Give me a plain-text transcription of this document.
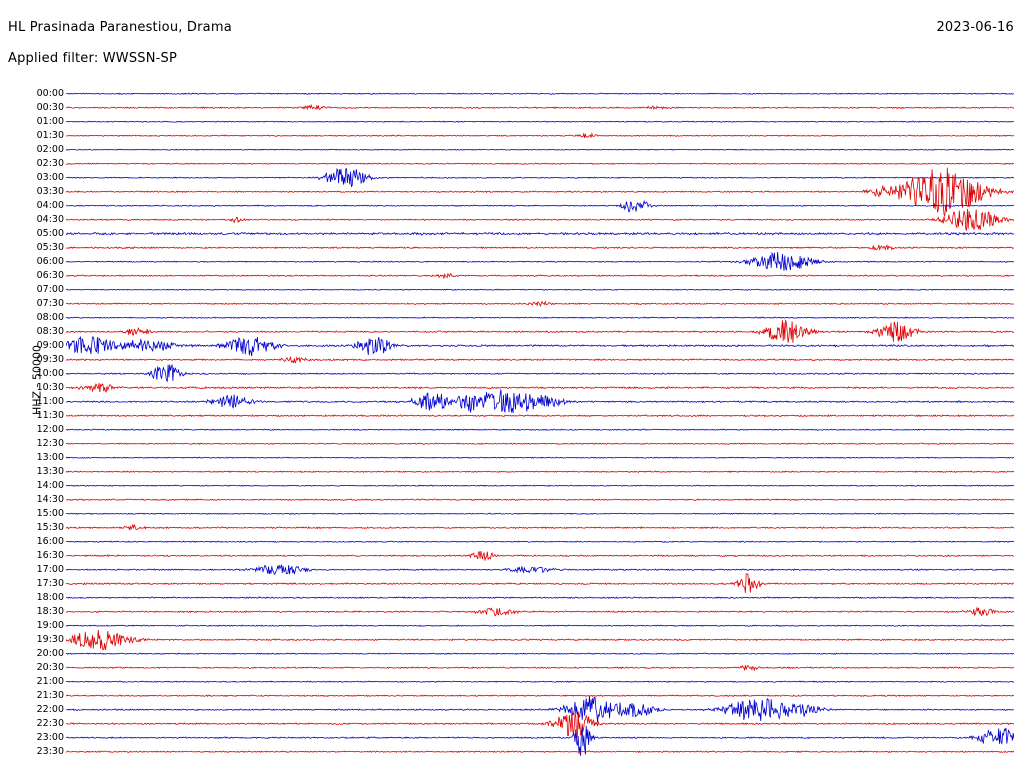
HL Prasinada Paranestiou, Drama
Applied filter: WWSSN-SP
2023-06-16
HHZ - 50000
00:00
00:30
01:00
01:30
02:00
02:30
03:00
03:30
04:00
04:30
05:00
05:30
06:00
06:30
07:00
07:30
08:00
08:30
09:00
09:30
10:00
10:30
11:00
11:30
12:00
12:30
13:00
13:30
14:00
14:30
15:00
15:30
16:00
16:30
17:00
17:30
18:00
18:30
19:00
19:30
20:00
20:30
21:00
21:30
22:00
22:30
23:00
23:30
